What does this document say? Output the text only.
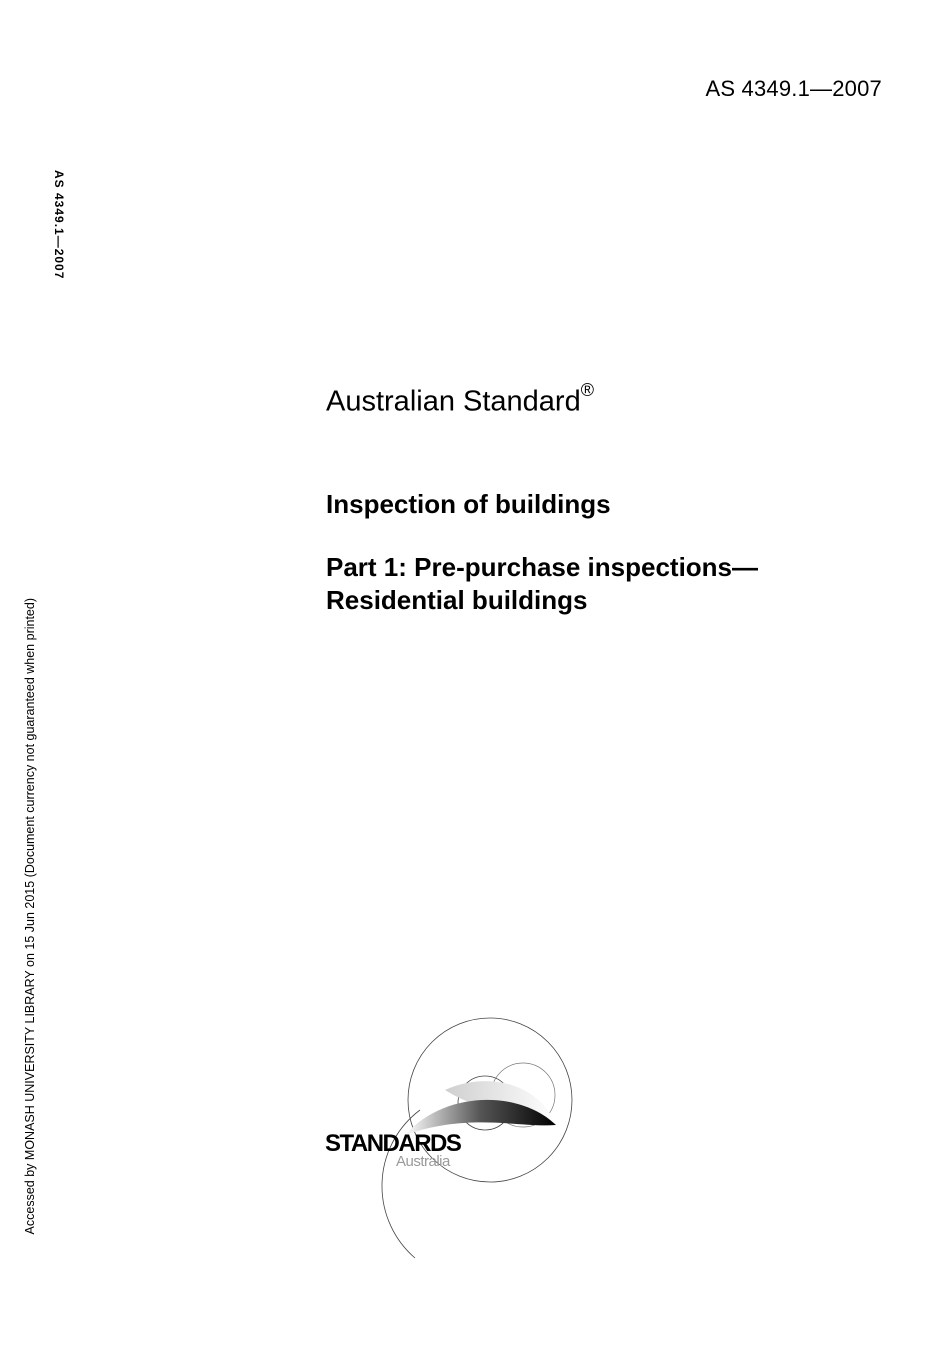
AS 4349.1—2007
AS 4349.1—2007
Accessed by MONASH UNIVERSITY LIBRARY on 15 Jun 2015 (Document currency not guaranteed when printed)
Australian Standard®
Inspection of buildings
Part 1: Pre-purchase inspections—
Residential buildings
STANDARDS
Australia
